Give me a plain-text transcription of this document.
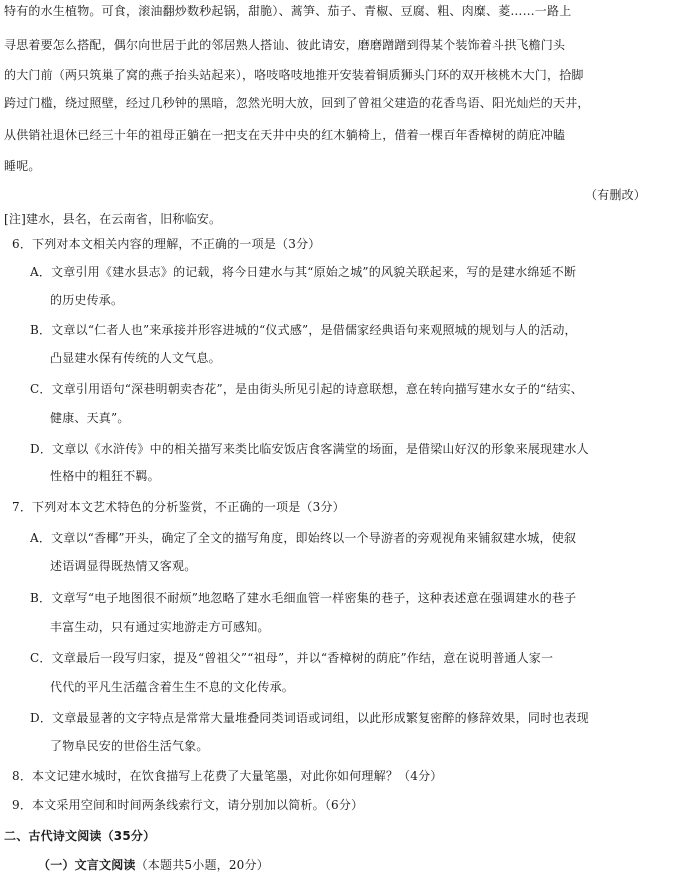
特有的水生植物。可食，滚油翻炒数秒起锅，甜脆）、蒿笋、茄子、青椒、豆腐、粗、肉糜、菱……一路上
寻思着要怎么搭配，偶尔向世居于此的邻居熟人搭讪、彼此请安，磨磨蹭蹭到得某个装饰着斗拱飞檐门头
的大门前（两只筑巢了窝的燕子抬头站起来），咯吱咯吱地推开安装着铜质狮头门环的双开核桃木大门，拾脚
跨过门槛，绕过照壁，经过几秒钟的黑暗，忽然光明大放，回到了曾祖父建造的花香鸟语、阳光灿烂的天井，
从供销社退休已经三十年的祖母正躺在一把支在天井中央的红木躺椅上，借着一棵百年香樟树的荫庇冲瞌
睡呢。
（有删改）
[注]建水，县名，在云南省，旧称临安。
6．下列对本文相关内容的理解，不正确的一项是（3分）
A．文章引用《建水县志》的记载，将今日建水与其“原始之城”的风貌关联起来，写的是建水绵延不断
的历史传承。
B．文章以“仁者人也”来承接并形容进城的“仪式感”，是借儒家经典语句来观照城的规划与人的活动，
凸显建水保有传统的人文气息。
C．文章引用语句“深巷明朝卖杏花”，是由街头所见引起的诗意联想，意在转向描写建水女子的“结实、
健康、天真”。
D．文章以《水浒传》中的相关描写来类比临安饭店食客满堂的场面，是借梁山好汉的形象来展现建水人
性格中的粗狂不羁。
7．下列对本文艺术特色的分析鉴赏，不正确的一项是（3分）
A．文章以“香椰”开头，确定了全文的描写角度，即始终以一个导游者的旁观视角来铺叙建水城，使叙
述语调显得既热情又客观。
B．文章写“电子地图很不耐烦”地忽略了建水毛细血管一样密集的巷子，这种表述意在强调建水的巷子
丰富生动，只有通过实地游走方可感知。
C．文章最后一段写归家，提及“曾祖父”“祖母”，并以“香樟树的荫庇”作结，意在说明普通人家一
代代的平凡生活蕴含着生生不息的文化传承。
D．文章最显著的文字特点是常常大量堆叠同类词语或词组，以此形成繁复密醉的修辞效果，同时也表现
了物阜民安的世俗生活气象。
8．本文记建水城时，在饮食描写上花费了大量笔墨，对此你如何理解？（4分）
9．本文采用空间和时间两条线索行文，请分别加以简析。（6分）
二、古代诗文阅读（35分）
（一）文言文阅读（本题共5小题，20分）
